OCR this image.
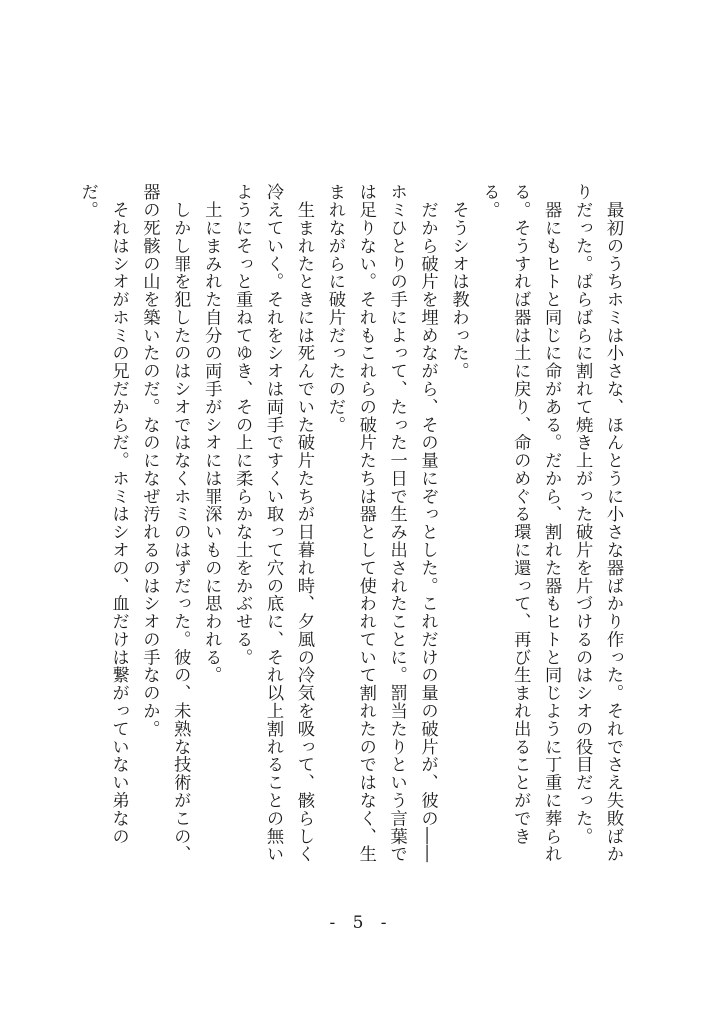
　最初のうちホミは小さな、ほんとうに小さな器ばかり作った。それでさえ失敗ばかりだった。ばらばらに割れて焼き上がった破片を片づけるのはシオの役目だった。

　器にもヒトと同じに命がある。だから、割れた器もヒトと同じように丁重に葬られる。そうすれば器は土に戻り、命のめぐる環に還って、再び生まれ出ることができる。

　そうシオは教わった。

　だから破片を埋めながら、その量にぞっとした。これだけの量の破片が、彼の――ホミひとりの手によって、たった一日で生み出されたことに。罰当たりという言葉では足りない。それもこれらの破片たちは器として使われていて割れたのではなく、生まれながらに破片だったのだ。

　生まれたときには死んでいた破片たちが日暮れ時、夕風の冷気を吸って、骸らしく冷えていく。それをシオは両手ですくい取って穴の底に、それ以上割れることの無いようにそっと重ねてゆき、その上に柔らかな土をかぶせる。

　土にまみれた自分の両手がシオには罪深いものに思われる。

　しかし罪を犯したのはシオではなくホミのはずだった。彼の、未熟な技術がこの、器の死骸の山を築いたのだ。なのになぜ汚れるのはシオの手なのか。

　それはシオがホミの兄だからだ。ホミはシオの、血だけは繋がっていない弟なのだ。

- 5 -
